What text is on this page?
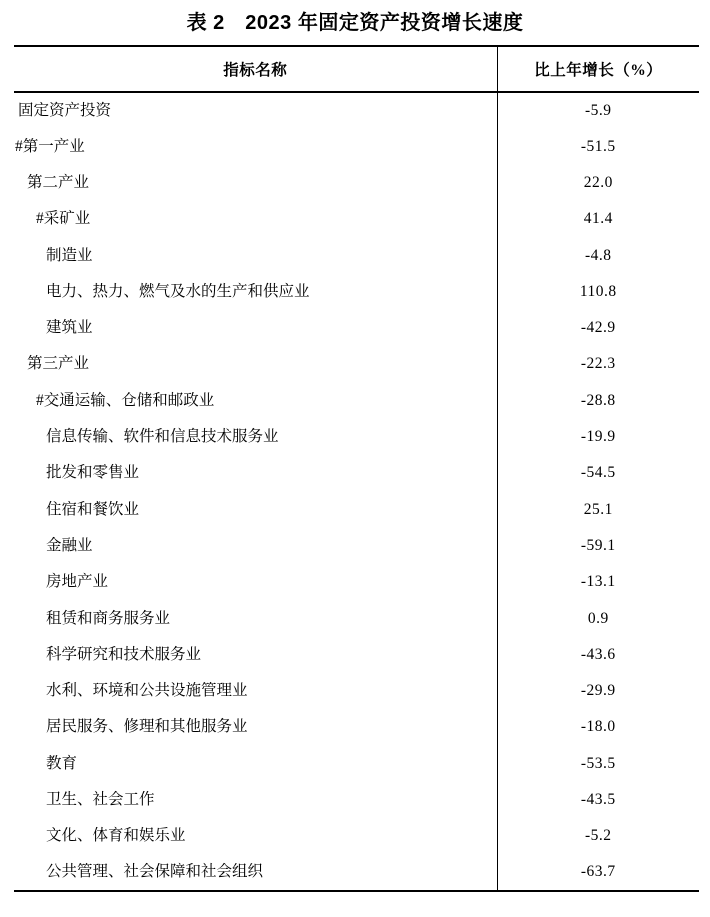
表 2　2023 年固定资产投资增长速度
指标名称	比上年增长（%）
固定资产投资	-5.9
#第一产业	-51.5
第二产业	22.0
#采矿业	41.4
制造业	-4.8
电力、热力、燃气及水的生产和供应业	110.8
建筑业	-42.9
第三产业	-22.3
#交通运输、仓储和邮政业	-28.8
信息传输、软件和信息技术服务业	-19.9
批发和零售业	-54.5
住宿和餐饮业	25.1
金融业	-59.1
房地产业	-13.1
租赁和商务服务业	0.9
科学研究和技术服务业	-43.6
水利、环境和公共设施管理业	-29.9
居民服务、修理和其他服务业	-18.0
教育	-53.5
卫生、社会工作	-43.5
文化、体育和娱乐业	-5.2
公共管理、社会保障和社会组织	-63.7
